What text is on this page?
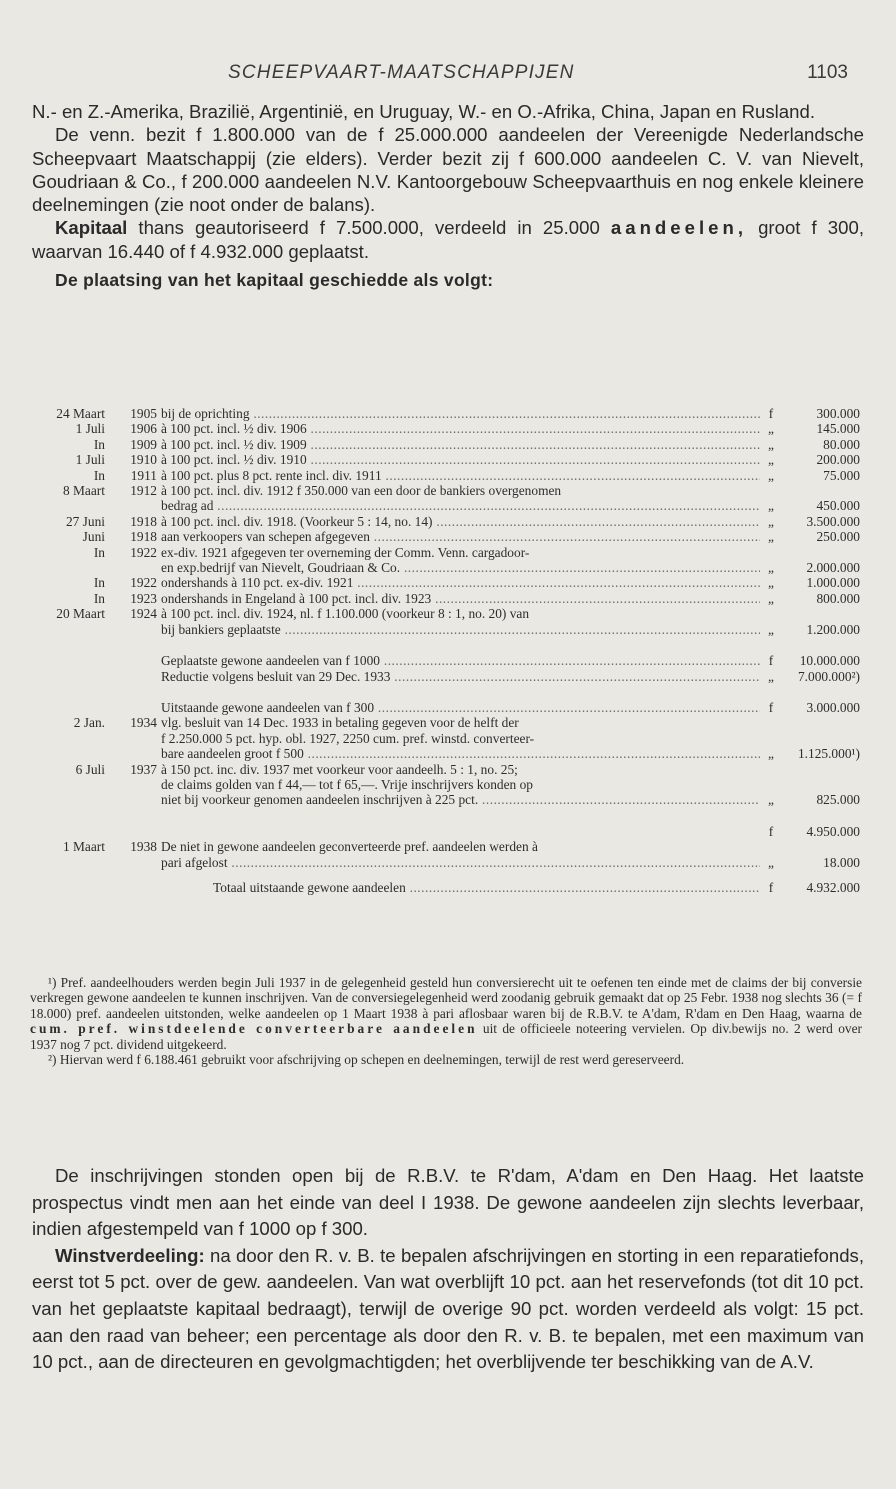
SCHEEPVAART-MAATSCHAPPIJEN	1103

N.- en Z.-Amerika, Brazilië, Argentinië, en Uruguay, W.- en O.-Afrika, China, Japan en Rusland.

De venn. bezit f 1.800.000 van de f 25.000.000 aandeelen der Vereenigde Nederlandsche Scheepvaart Maatschappij (zie elders). Verder bezit zij f 600.000 aandeelen C. V. van Nievelt, Goudriaan & Co., f 200.000 aandeelen N.V. Kantoorgebouw Scheepvaarthuis en nog enkele kleinere deelnemingen (zie noot onder de balans).

Kapitaal thans geautoriseerd f 7.500.000, verdeeld in 25.000 aandeelen, groot f 300, waarvan 16.440 of f 4.932.000 geplaatst.

De plaatsing van het kapitaal geschiedde als volgt:

24 Maart	1905 bij de oprichting .....	f	300.000
1 Juli	1906 à 100 pct. incl. ½ div. 1906 .....	„	145.000
In	1909 à 100 pct. incl. ½ div. 1909 .....	„	80.000
1 Juli	1910 à 100 pct. incl. ½ div. 1910 .....	„	200.000
In	1911 à 100 pct. plus 8 pct. rente incl. div. 1911 .....	„	75.000
8 Maart	1912 à 100 pct. incl. div. 1912 f 350.000 van een door de bankiers overgenomen
bedrag ad .....	„	450.000
27 Juni	1918 à 100 pct. incl. div. 1918. (Voorkeur 5 : 14, no. 14) .....	„	3.500.000
Juni	1918 aan verkoopers van schepen afgegeven .....	„	250.000
In	1922 ex-div. 1921 afgegeven ter overneming der Comm. Venn. cargadoor-
en exp.bedrijf van Nievelt, Goudriaan & Co. .....	„	2.000.000
In	1922 ondershands à 110 pct. ex-div. 1921 .....	„	1.000.000
In	1923 ondershands in Engeland à 100 pct. incl. div. 1923 .....	„	800.000
20 Maart	1924 à 100 pct. incl. div. 1924, nl. f 1.100.000 (voorkeur 8 : 1, no. 20) van
bij bankiers geplaatste .....	„	1.200.000
Geplaatste gewone aandeelen van f 1000 .....	f	10.000.000
Reductie volgens besluit van 29 Dec. 1933 .....	„	7.000.000²)
Uitstaande gewone aandeelen van f 300 .....	f	3.000.000
2 Jan.	1934 vlg. besluit van 14 Dec. 1933 in betaling gegeven voor de helft der
f 2.250.000 5 pct. hyp. obl. 1927, 2250 cum. pref. winstd. converteer-
bare aandeelen groot f 500 .....	„	1.125.000¹)
6 Juli	1937 à 150 pct. inc. div. 1937 met voorkeur voor aandeelh. 5 : 1, no. 25;
de claims golden van f 44,— tot f 65,—. Vrije inschrijvers konden op
niet bij voorkeur genomen aandeelen inschrijven à 225 pct. .....	„	825.000
f	4.950.000
1 Maart	1938 De niet in gewone aandeelen geconverteerde pref. aandeelen werden à
pari afgelost .....	„	18.000
Totaal uitstaande gewone aandeelen .....	f	4.932.000

¹) Pref. aandeelhouders werden begin Juli 1937 in de gelegenheid gesteld hun conversierecht uit te oefenen ten einde met de claims der bij conversie verkregen gewone aandeelen te kunnen inschrijven. Van de conversiegelegenheid werd zoodanig gebruik gemaakt dat op 25 Febr. 1938 nog slechts 36 (= f 18.000) pref. aandeelen uitstonden, welke aandeelen op 1 Maart 1938 à pari aflosbaar waren bij de R.B.V. te A'dam, R'dam en Den Haag, waarna de cum. pref. winstdeelende converteerbare aandeelen uit de officieele noteering vervielen. Op div.bewijs no. 2 werd over 1937 nog 7 pct. dividend uitgekeerd.

²) Hiervan werd f 6.188.461 gebruikt voor afschrijving op schepen en deelnemingen, terwijl de rest werd gereserveerd.

De inschrijvingen stonden open bij de R.B.V. te R'dam, A'dam en Den Haag. Het laatste prospectus vindt men aan het einde van deel I 1938. De gewone aandeelen zijn slechts leverbaar, indien afgestempeld van f 1000 op f 300.

Winstverdeeling: na door den R. v. B. te bepalen afschrijvingen en storting in een reparatiefonds, eerst tot 5 pct. over de gew. aandeelen. Van wat overblijft 10 pct. aan het reservefonds (tot dit 10 pct. van het geplaatste kapitaal bedraagt), terwijl de overige 90 pct. worden verdeeld als volgt: 15 pct. aan den raad van beheer; een percentage als door den R. v. B. te bepalen, met een maximum van 10 pct., aan de directeuren en gevolgmachtigden; het overblijvende ter beschikking van de A.V.
